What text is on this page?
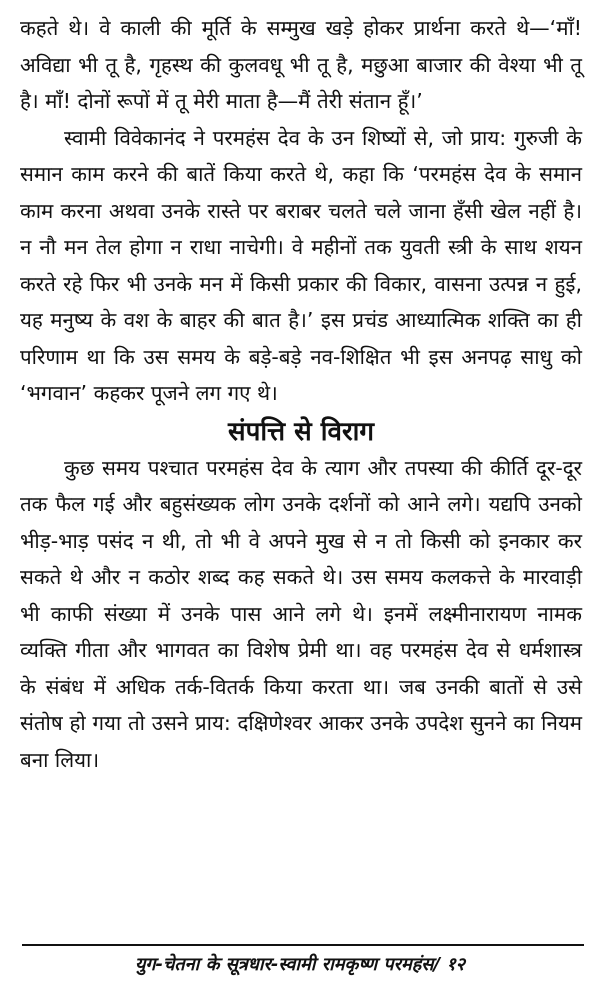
कहते थे। वे काली की मूर्ति के सम्मुख खड़े होकर प्रार्थना करते थे—‘माँ! अविद्या भी तू है, गृहस्थ की कुलवधू भी तू है, मछुआ बाजार की वेश्या भी तू है। माँ! दोनों रूपों में तू मेरी माता है—मैं तेरी संतान हूँ।’

स्वामी विवेकानंद ने परमहंस देव के उन शिष्यों से, जो प्राय: गुरुजी के समान काम करने की बातें किया करते थे, कहा कि ‘परमहंस देव के समान काम करना अथवा उनके रास्ते पर बराबर चलते चले जाना हँसी खेल नहीं है। न नौ मन तेल होगा न राधा नाचेगी। वे महीनों तक युवती स्त्री के साथ शयन करते रहे फिर भी उनके मन में किसी प्रकार की विकार, वासना उत्पन्न न हुई, यह मनुष्य के वश के बाहर की बात है।’ इस प्रचंड आध्यात्मिक शक्ति का ही परिणाम था कि उस समय के बड़े-बड़े नव-शिक्षित भी इस अनपढ़ साधु को ‘भगवान’ कहकर पूजने लग गए थे।

संपत्ति से विराग

कुछ समय पश्चात परमहंस देव के त्याग और तपस्या की कीर्ति दूर-दूर तक फैल गई और बहुसंख्यक लोग उनके दर्शनों को आने लगे। यद्यपि उनको भीड़-भाड़ पसंद न थी, तो भी वे अपने मुख से न तो किसी को इनकार कर सकते थे और न कठोर शब्द कह सकते थे। उस समय कलकत्ते के मारवाड़ी भी काफी संख्या में उनके पास आने लगे थे। इनमें लक्ष्मीनारायण नामक व्यक्ति गीता और भागवत का विशेष प्रेमी था। वह परमहंस देव से धर्मशास्त्र के संबंध में अधिक तर्क-वितर्क किया करता था। जब उनकी बातों से उसे संतोष हो गया तो उसने प्राय: दक्षिणेश्वर आकर उनके उपदेश सुनने का नियम बना लिया।

युग-चेतना के सूत्रधार-स्वामी रामकृष्ण परमहंस/ १२
